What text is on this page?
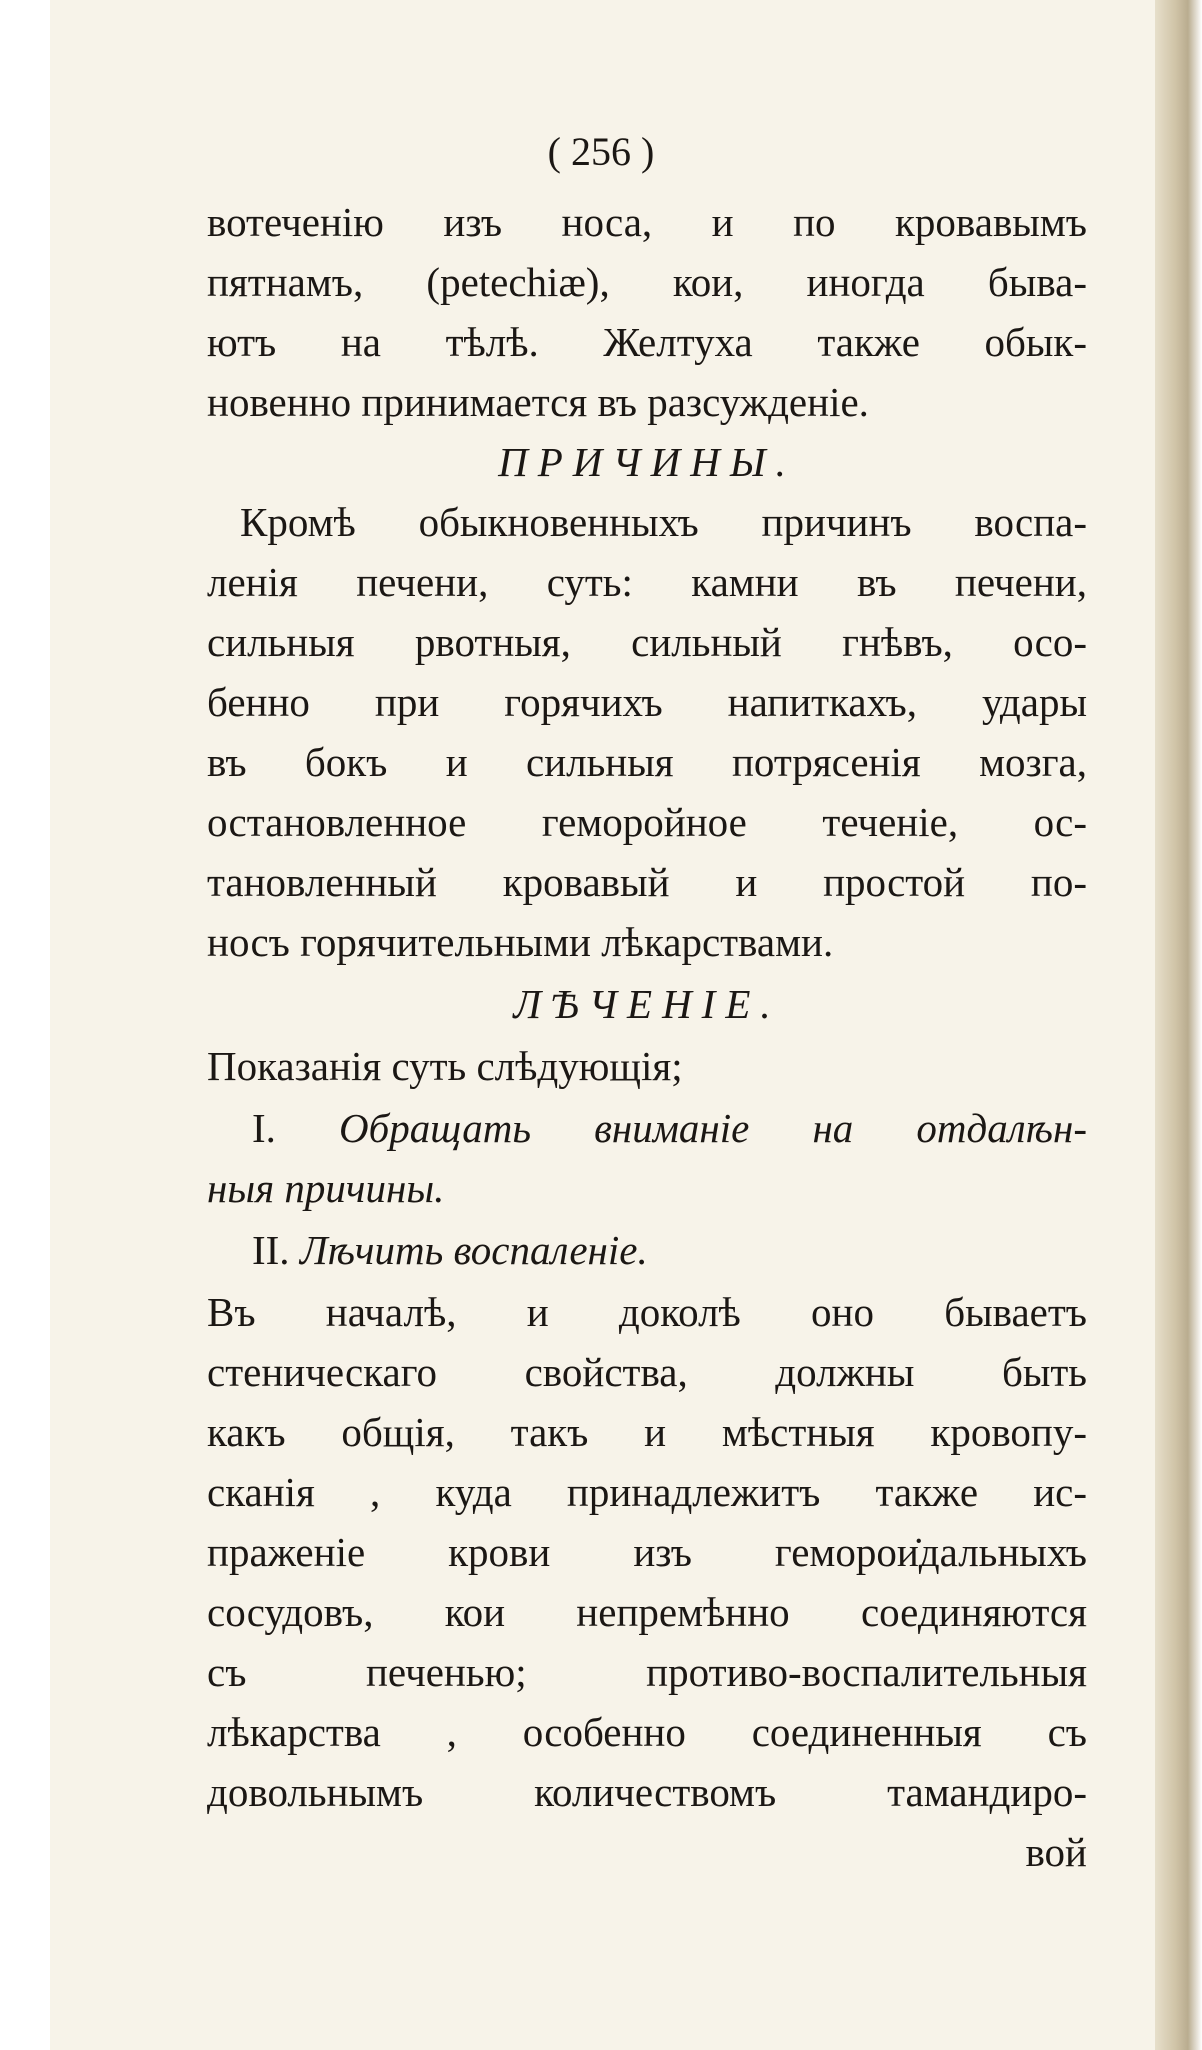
( 256 )
вотеченію изъ носа, и по кровавымъ
пятнамъ, (petechiæ), кои, иногда быва-
ютъ на тѣлѣ. Желтуха также обык-
новенно принимается въ разсужденіе.
ПРИЧИНЫ.
Кромѣ обыкновенныхъ причинъ воспа-
ленія печени, суть: камни въ печени,
сильныя рвотныя, сильный гнѣвъ, осо-
бенно при горячихъ напиткахъ, удары
въ бокъ и сильныя потрясенія мозга,
остановленное геморойное теченіе, ос-
тановленный кровавый и простой по-
носъ горячительными лѣкарствами.
ЛѢЧЕНІЕ.
Показанія суть слѣдующія;
I. Обращать вниманіе на отдалѣн-
ныя причины.
II. Лѣчить воспаленіе.
Въ началѣ, и доколѣ оно бываетъ
стеническаго свойства, должны быть
какъ общія, такъ и мѣстныя кровопу-
сканія , куда принадлежитъ также ис-
праженіе крови изъ геморои̇дальныхъ
сосудовъ, кои непремѣнно соединяются
съ печенью; противо-воспалительныя
лѣкарства , особенно соединенныя съ
довольнымъ количествомъ тамандиро-
вой
